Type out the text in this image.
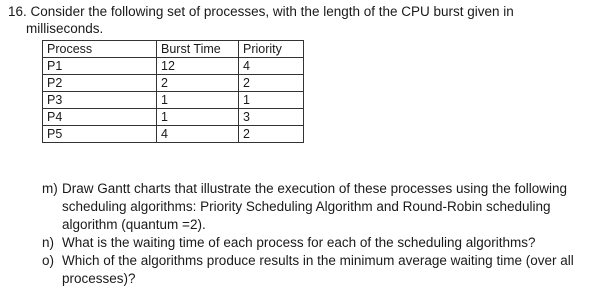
16. Consider the following set of processes, with the length of the CPU burst given in
milliseconds.
Process	Burst Time	Priority
P1	12	4
P2	2	2
P3	1	1
P4	1	3
P5	4	2
m) Draw Gantt charts that illustrate the execution of these processes using the following scheduling algorithms: Priority Scheduling Algorithm and Round-Robin scheduling algorithm (quantum =2).
n) What is the waiting time of each process for each of the scheduling algorithms?
o) Which of the algorithms produce results in the minimum average waiting time (over all processes)?
